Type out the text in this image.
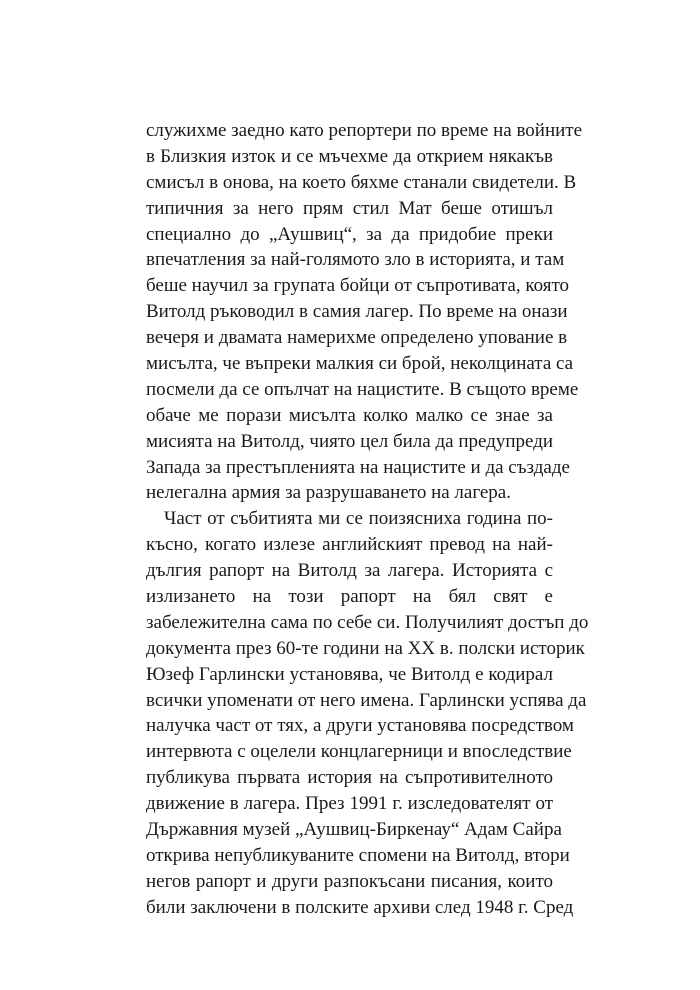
служихме заедно като репортери по време на войните
в Близкия изток и се мъчехме да открием някакъв
смисъл в онова, на което бяхме станали свидетели. В
типичния за него прям стил Мат беше отишъл
специално до „Аушвиц“, за да придобие преки
впечатления за най-голямото зло в историята, и там
беше научил за групата бойци от съпротивата, която
Витолд ръководил в самия лагер. По време на онази
вечеря и двамата намерихме определено упование в
мисълта, че въпреки малкия си брой, неколцината са
посмели да се опълчат на нацистите. В същото време
обаче ме порази мисълта колко малко се знае за
мисията на Витолд, чиято цел била да предупреди
Запада за престъпленията на нацистите и да създаде
нелегална армия за разрушаването на лагера.
Част от събитията ми се поизясниха година по-
късно, когато излезе английският превод на най-
дългия рапорт на Витолд за лагера. Историята с
излизането на този рапорт на бял свят е
забележителна сама по себе си. Получилият достъп до
документа през 60-те години на XX в. полски историк
Юзеф Гарлински установява, че Витолд е кодирал
всички упоменати от него имена. Гарлински успява да
налучка част от тях, а други установява посредством
интервюта с оцелели концлагерници и впоследствие
публикува първата история на съпротивителното
движение в лагера. През 1991 г. изследователят от
Държавния музей „Аушвиц-Биркенау“ Адам Сайра
открива непубликуваните спомени на Витолд, втори
негов рапорт и други разпокъсани писания, които
били заключени в полските архиви след 1948 г. Сред
